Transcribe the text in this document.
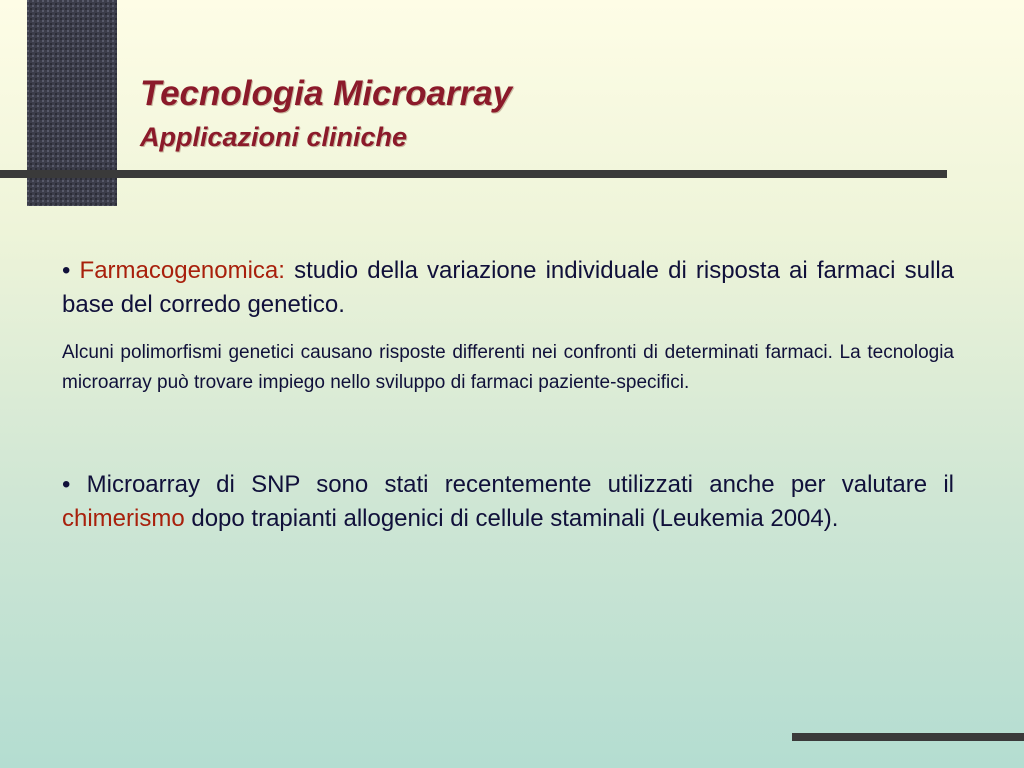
Tecnologia Microarray
Applicazioni cliniche

• Farmacogenomica: studio della variazione individuale di risposta ai farmaci sulla base del corredo genetico.

Alcuni polimorfismi genetici causano risposte differenti nei confronti di determinati farmaci. La tecnologia microarray può trovare impiego nello sviluppo di farmaci paziente-specifici.

• Microarray di SNP sono stati recentemente utilizzati anche per valutare il chimerismo dopo trapianti allogenici di cellule staminali (Leukemia 2004).
